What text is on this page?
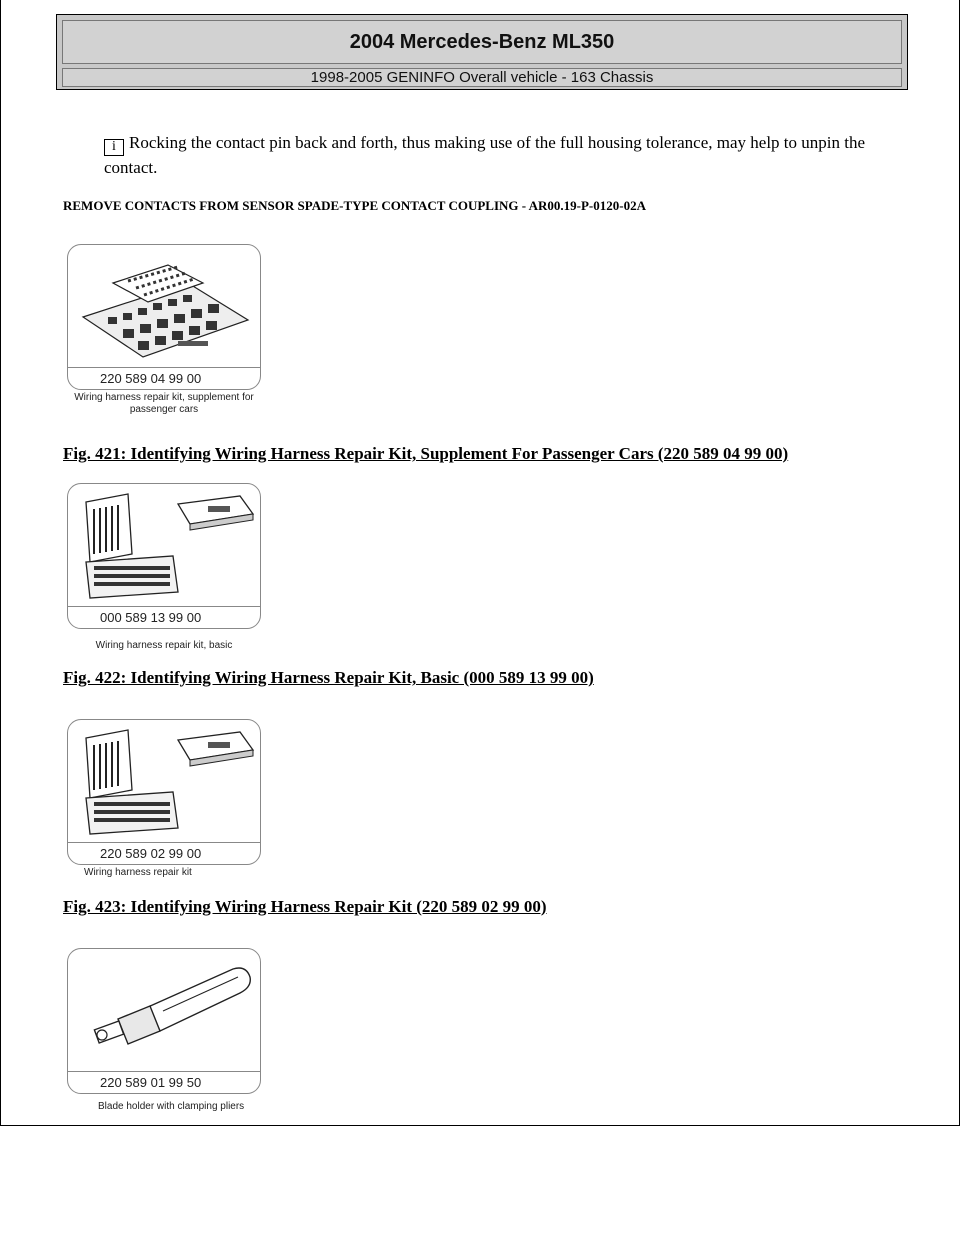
2004 Mercedes-Benz ML350
1998-2005 GENINFO Overall vehicle - 163 Chassis
i Rocking the contact pin back and forth, thus making use of the full housing tolerance, may help to unpin the contact.
REMOVE CONTACTS FROM SENSOR SPADE-TYPE CONTACT COUPLING - AR00.19-P-0120-02A
220 589 04 99 00
Wiring harness repair kit, supplement for passenger cars
Fig. 421: Identifying Wiring Harness Repair Kit, Supplement For Passenger Cars (220 589 04 99 00)
000 589 13 99 00
Wiring harness repair kit, basic
Fig. 422: Identifying Wiring Harness Repair Kit, Basic (000 589 13 99 00)
220 589 02 99 00
Wiring harness repair kit
Fig. 423: Identifying Wiring Harness Repair Kit (220 589 02 99 00)
220 589 01 99 50
Blade holder with clamping pliers
